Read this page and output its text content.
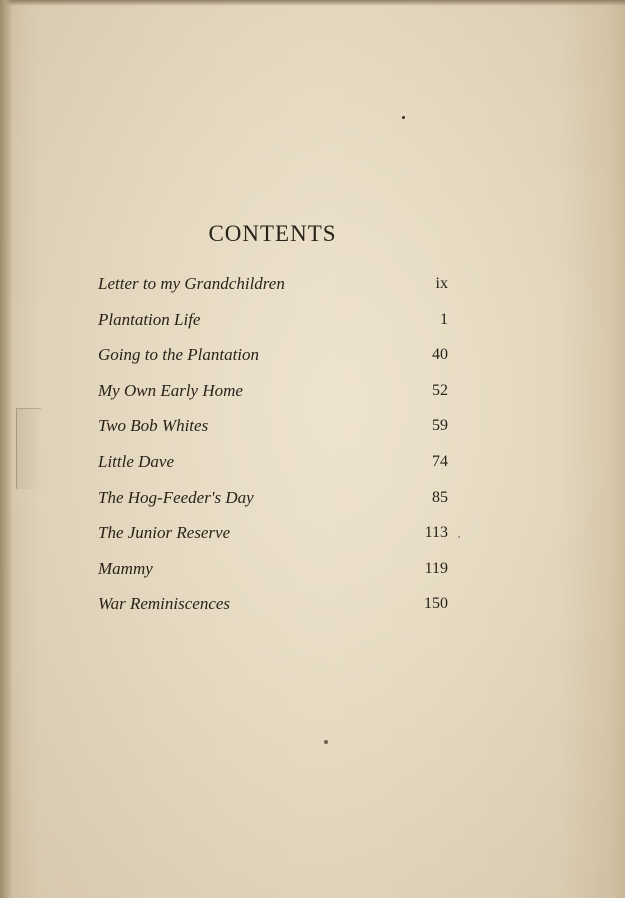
CONTENTS
Letter to my Grandchildren	ix
Plantation Life	1
Going to the Plantation	40
My Own Early Home	52
Two Bob Whites	59
Little Dave	74
The Hog-Feeder's Day	85
The Junior Reserve	113
Mammy	119
War Reminiscences	150
